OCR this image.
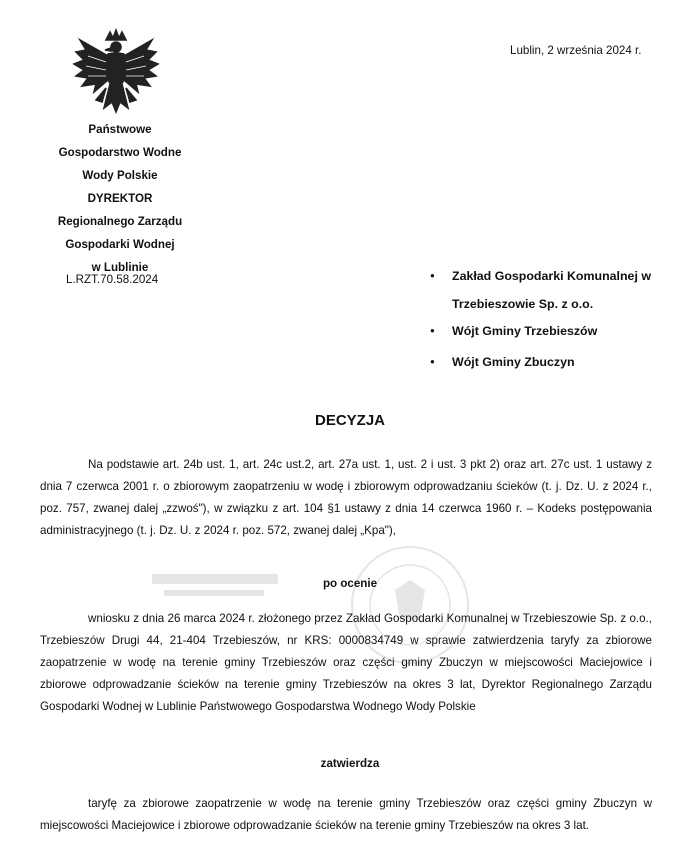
Państwowe
Gospodarstwo Wodne
Wody Polskie
DYREKTOR
Regionalnego Zarządu
Gospodarki Wodnej
w Lublinie
L.RZT.70.58.2024
Lublin, 2 września 2024 r.
● Zakład Gospodarki Komunalnej w Trzebieszowie Sp. z o.o.
● Wójt Gminy Trzebieszów
● Wójt Gminy Zbuczyn
DECYZJA
Na podstawie art. 24b ust. 1, art. 24c ust.2, art. 27a ust. 1, ust. 2 i ust. 3 pkt 2) oraz art. 27c ust. 1 ustawy z dnia 7 czerwca 2001 r. o zbiorowym zaopatrzeniu w wodę i zbiorowym odprowadzaniu ścieków (t. j. Dz. U. z 2024 r., poz. 757, zwanej dalej „zzwoś"), w związku z art. 104 §1 ustawy z dnia 14 czerwca 1960 r. – Kodeks postępowania administracyjnego (t. j. Dz. U. z 2024 r. poz. 572, zwanej dalej „Kpa"),
po ocenie
wniosku z dnia 26 marca 2024 r. złożonego przez Zakład Gospodarki Komunalnej w Trzebieszowie Sp. z o.o., Trzebieszów Drugi 44, 21-404 Trzebieszów, nr KRS: 0000834749 w sprawie zatwierdzenia taryfy za zbiorowe zaopatrzenie w wodę na terenie gminy Trzebieszów oraz części gminy Zbuczyn w miejscowości Maciejowice i zbiorowe odprowadzanie ścieków na terenie gminy Trzebieszów na okres 3 lat, Dyrektor Regionalnego Zarządu Gospodarki Wodnej w Lublinie Państwowego Gospodarstwa Wodnego Wody Polskie
zatwierdza
taryfę za zbiorowe zaopatrzenie w wodę na terenie gminy Trzebieszów oraz części gminy Zbuczyn w miejscowości Maciejowice i zbiorowe odprowadzanie ścieków na terenie gminy Trzebieszów na okres 3 lat.
